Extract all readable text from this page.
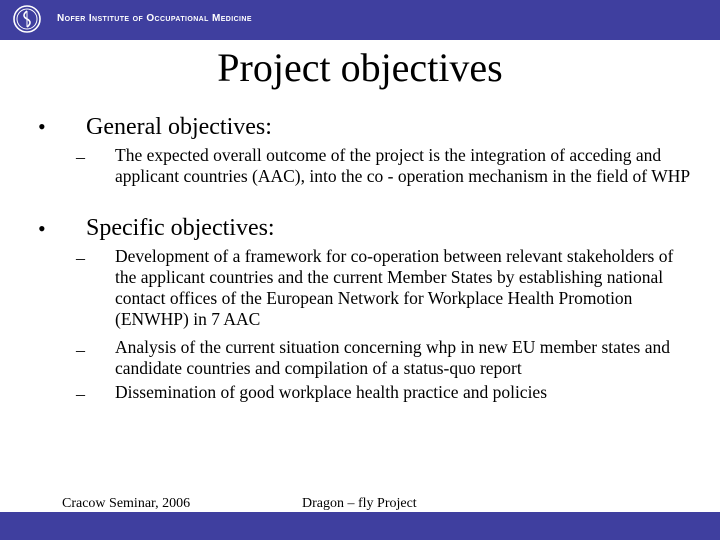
Nofer Institute of Occupational Medicine
Project objectives
• General objectives:
– The expected overall outcome of the project is the integration of acceding and applicant countries (AAC), into the co - operation mechanism in the field of WHP
• Specific objectives:
– Development of a framework for co-operation between relevant stakeholders of the applicant countries and the current Member States by establishing national contact offices of the European Network for Workplace Health Promotion (ENWHP) in 7 AAC
– Analysis of the current situation concerning whp in new EU member states and candidate countries and compilation of a status-quo report
– Dissemination of good workplace health practice and policies
Cracow Seminar, 2006	Dragon – fly Project
